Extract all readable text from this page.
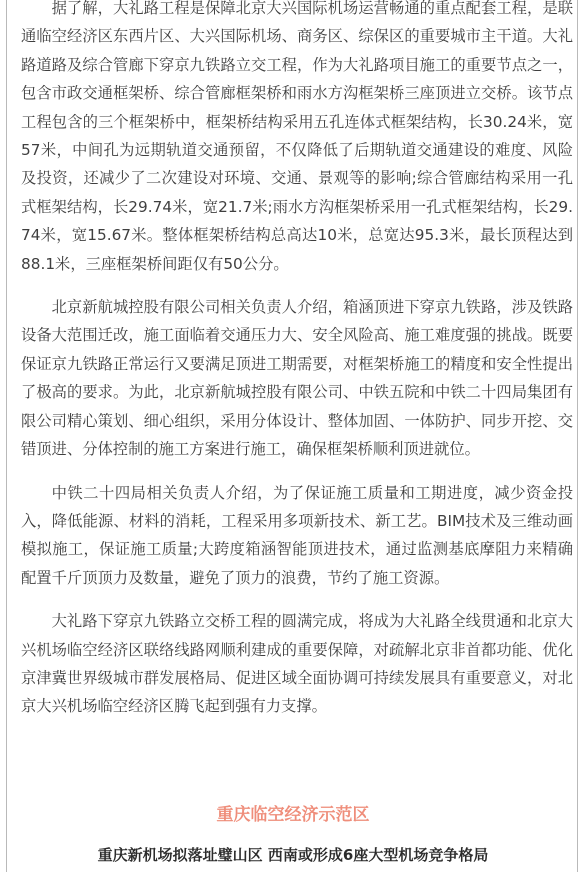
据了解，大礼路工程是保障北京大兴国际机场运营畅通的重点配套工程，是联通临空经济区东西片区、大兴国际机场、商务区、综保区的重要城市主干道。大礼路道路及综合管廊下穿京九铁路立交工程，作为大礼路项目施工的重要节点之一，包含市政交通框架桥、综合管廊框架桥和雨水方沟框架桥三座顶进立交桥。该节点工程包含的三个框架桥中，框架桥结构采用五孔连体式框架结构，长30.24米，宽57米，中间孔为远期轨道交通预留，不仅降低了后期轨道交通建设的难度、风险及投资，还减少了二次建设对环境、交通、景观等的影响;综合管廊结构采用一孔式框架结构，长29.74米，宽21.7米;雨水方沟框架桥采用一孔式框架结构，长29.74米，宽15.67米。整体框架桥结构总高达10米，总宽达95.3米，最长顶程达到88.1米，三座框架桥间距仅有50公分。

北京新航城控股有限公司相关负责人介绍，箱涵顶进下穿京九铁路，涉及铁路设备大范围迁改，施工面临着交通压力大、安全风险高、施工难度强的挑战。既要保证京九铁路正常运行又要满足顶进工期需要，对框架桥施工的精度和安全性提出了极高的要求。为此，北京新航城控股有限公司、中铁五院和中铁二十四局集团有限公司精心策划、细心组织，采用分体设计、整体加固、一体防护、同步开挖、交错顶进、分体控制的施工方案进行施工，确保框架桥顺利顶进就位。

中铁二十四局相关负责人介绍，为了保证施工质量和工期进度，减少资金投入，降低能源、材料的消耗，工程采用多项新技术、新工艺。BIM技术及三维动画模拟施工，保证施工质量;大跨度箱涵智能顶进技术，通过监测基底摩阻力来精确配置千斤顶顶力及数量，避免了顶力的浪费，节约了施工资源。

大礼路下穿京九铁路立交桥工程的圆满完成，将成为大礼路全线贯通和北京大兴机场临空经济区联络线路网顺利建成的重要保障，对疏解北京非首都功能、优化京津冀世界级城市群发展格局、促进区域全面协调可持续发展具有重要意义，对北京大兴机场临空经济区腾飞起到强有力支撑。

重庆临空经济示范区
重庆新机场拟落址璧山区 西南或形成6座大型机场竞争格局
